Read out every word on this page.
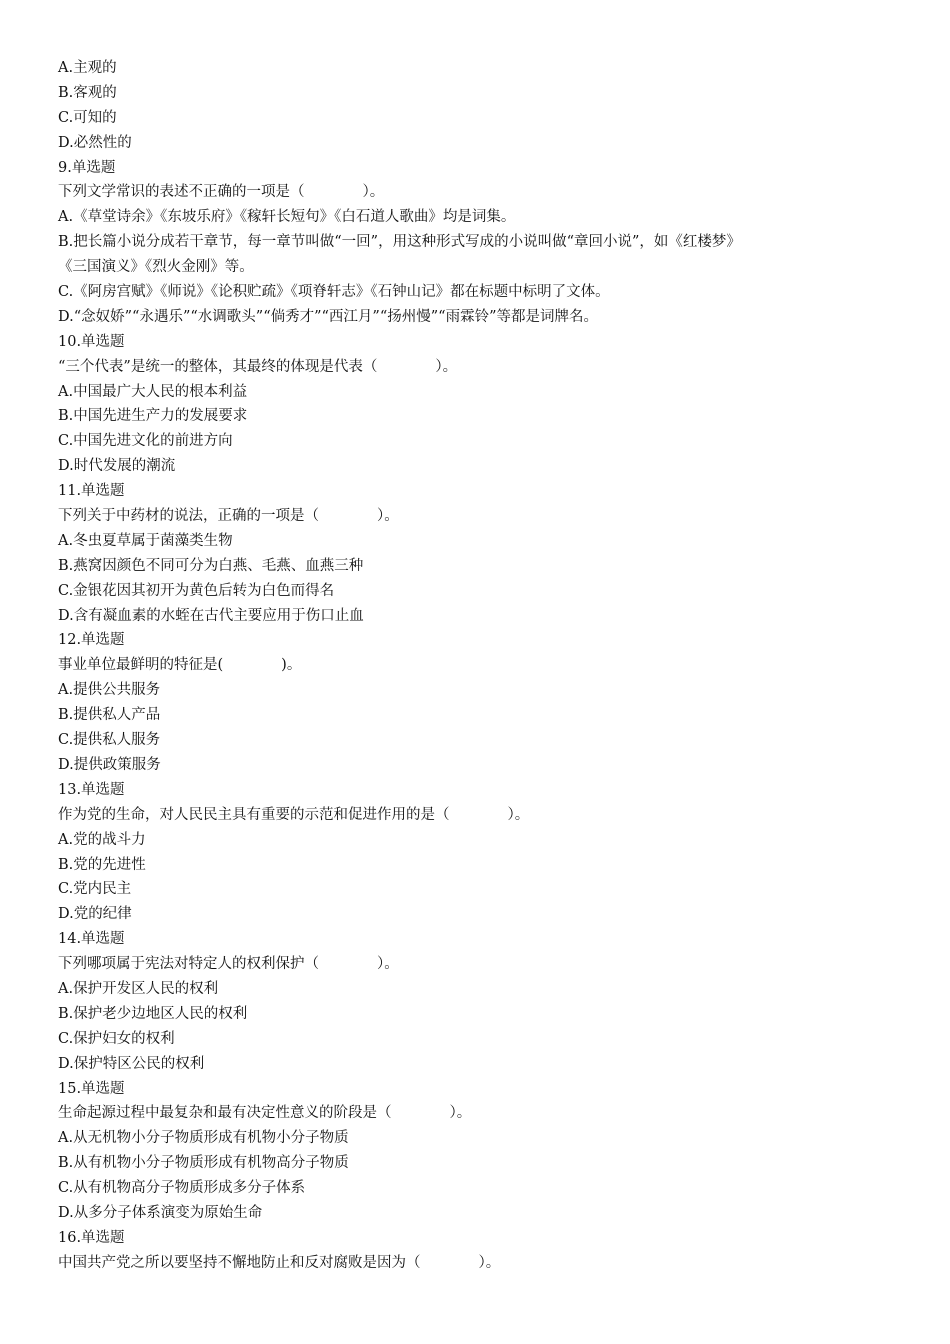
A.主观的
B.客观的
C.可知的
D.必然性的
9.单选题
下列文学常识的表述不正确的一项是（　　　　）。
A.《草堂诗余》《东坡乐府》《稼轩长短句》《白石道人歌曲》均是词集。
B.把长篇小说分成若干章节，每一章节叫做“一回”，用这种形式写成的小说叫做“章回小说”，如《红楼梦》
《三国演义》《烈火金刚》等。
C.《阿房宫赋》《师说》《论积贮疏》《项脊轩志》《石钟山记》都在标题中标明了文体。
D.“念奴娇”“永遇乐”“水调歌头”“倘秀才”“西江月”“扬州慢”“雨霖铃”等都是词牌名。
10.单选题
“三个代表”是统一的整体，其最终的体现是代表（　　　　）。
A.中国最广大人民的根本利益
B.中国先进生产力的发展要求
C.中国先进文化的前进方向
D.时代发展的潮流
11.单选题
下列关于中药材的说法，正确的一项是（　　　　）。
A.冬虫夏草属于菌藻类生物
B.燕窝因颜色不同可分为白燕、毛燕、血燕三种
C.金银花因其初开为黄色后转为白色而得名
D.含有凝血素的水蛭在古代主要应用于伤口止血
12.单选题
事业单位最鲜明的特征是(　　　　)。
A.提供公共服务
B.提供私人产品
C.提供私人服务
D.提供政策服务
13.单选题
作为党的生命，对人民民主具有重要的示范和促进作用的是（　　　　）。
A.党的战斗力
B.党的先进性
C.党内民主
D.党的纪律
14.单选题
下列哪项属于宪法对特定人的权利保护（　　　　）。
A.保护开发区人民的权利
B.保护老少边地区人民的权利
C.保护妇女的权利
D.保护特区公民的权利
15.单选题
生命起源过程中最复杂和最有决定性意义的阶段是（　　　　）。
A.从无机物小分子物质形成有机物小分子物质
B.从有机物小分子物质形成有机物高分子物质
C.从有机物高分子物质形成多分子体系
D.从多分子体系演变为原始生命
16.单选题
中国共产党之所以要坚持不懈地防止和反对腐败是因为（　　　　）。
